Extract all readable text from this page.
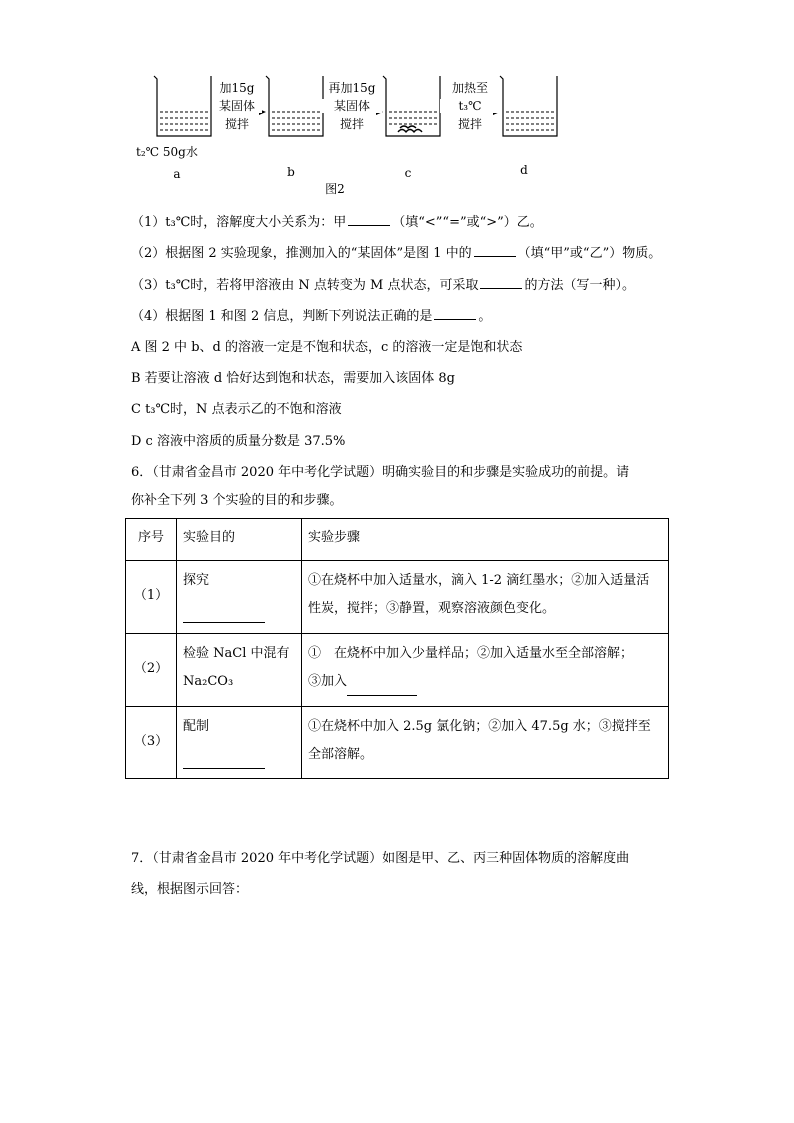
加15g
某固体
搅拌
再加15g
某固体
搅拌
加热至
t₃℃
搅拌
t₂℃ 50g水
a	b	c	d
图2
（1）t₃℃时，溶解度大小关系为：甲	（填“<”“=”或“>”）乙。
（2）根据图 2 实验现象，推测加入的“某固体”是图 1 中的	（填“甲”或“乙”）物质。
（3）t₃℃时，若将甲溶液由 N 点转变为 M 点状态，可采取	的方法（写一种）。
（4）根据图 1 和图 2 信息，判断下列说法正确的是	。
A 图 2 中 b、d 的溶液一定是不饱和状态，c 的溶液一定是饱和状态
B 若要让溶液 d 恰好达到饱和状态，需要加入该固体 8g
C t₃℃时，N 点表示乙的不饱和溶液
D c 溶液中溶质的质量分数是 37.5%
6．（甘肃省金昌市 2020 年中考化学试题）明确实验目的和步骤是实验成功的前提。请
你补全下列 3 个实验的目的和步骤。
序号	实验目的	实验步骤

（1）	探究	①在烧杯中加入适量水，滴入 1-2 滴红墨水；②加入适量活性炭，搅拌；③静置，观察溶液颜色变化。

（2）	检验 NaCl 中混有
Na₂CO₃	①　在烧杯中加入少量样品；②加入适量水至全部溶解；
③加入

（3）	配制	①在烧杯中加入 2.5g 氯化钠；②加入 47.5g 水；③搅拌至全部溶解。
7．（甘肃省金昌市 2020 年中考化学试题）如图是甲、乙、丙三种固体物质的溶解度曲
线，根据图示回答：
